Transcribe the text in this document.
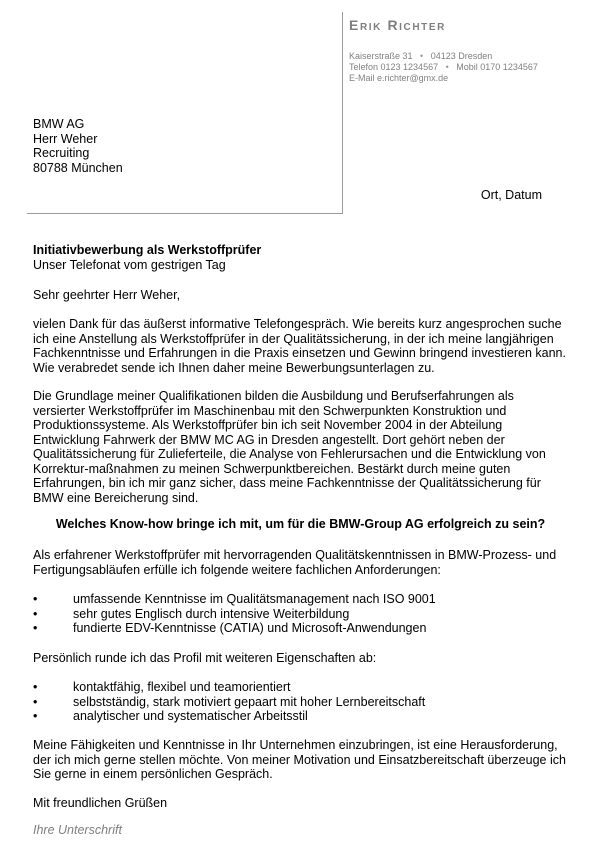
Erik Richter
Kaiserstraße 31 • 04123 Dresden
Telefon 0123 1234567 • Mobil 0170 1234567
E-Mail e.richter@gmx.de
BMW AG
Herr Weher
Recruiting
80788 München
Ort, Datum
Initiativbewerbung als Werkstoffprüfer
Unser Telefonat vom gestrigen Tag
Sehr geehrter Herr Weher,

vielen Dank für das äußerst informative Telefongespräch. Wie bereits kurz angesprochen suche ich eine Anstellung als Werkstoffprüfer in der Qualitätssicherung, in der ich meine langjährigen Fachkenntnisse und Erfahrungen in die Praxis einsetzen und Gewinn bringend investieren kann. Wie verabredet sende ich Ihnen daher meine Bewerbungsunterlagen zu.

Die Grundlage meiner Qualifikationen bilden die Ausbildung und Berufserfahrungen als versierter Werkstoffprüfer im Maschinenbau mit den Schwerpunkten Konstruktion und Produktionssysteme. Als Werkstoffprüfer bin ich seit November 2004 in der Abteilung Entwicklung Fahrwerk der BMW MC AG in Dresden angestellt. Dort gehört neben der Qualitätssicherung für Zulieferteile, die Analyse von Fehlerursachen und die Entwicklung von Korrektur-maßnahmen zu meinen Schwerpunktbereichen. Bestärkt durch meine guten Erfahrungen, bin ich mir ganz sicher, dass meine Fachkenntnisse der Qualitätssicherung für BMW eine Bereicherung sind.

Welches Know-how bringe ich mit, um für die BMW-Group AG erfolgreich zu sein?

Als erfahrener Werkstoffprüfer mit hervorragenden Qualitätskenntnissen in BMW-Prozess- und Fertigungsabläufen erfülle ich folgende weitere fachlichen Anforderungen:

•	umfassende Kenntnisse im Qualitätsmanagement nach ISO 9001
•	sehr gutes Englisch durch intensive Weiterbildung
•	fundierte EDV-Kenntnisse (CATIA) und Microsoft-Anwendungen

Persönlich runde ich das Profil mit weiteren Eigenschaften ab:

•	kontaktfähig, flexibel und teamorientiert
•	selbstständig, stark motiviert gepaart mit hoher Lernbereitschaft
•	analytischer und systematischer Arbeitsstil

Meine Fähigkeiten und Kenntnisse in Ihr Unternehmen einzubringen, ist eine Herausforderung, der ich mich gerne stellen möchte. Von meiner Motivation und Einsatzbereitschaft überzeuge ich Sie gerne in einem persönlichen Gespräch.

Mit freundlichen Grüßen
Ihre Unterschrift
